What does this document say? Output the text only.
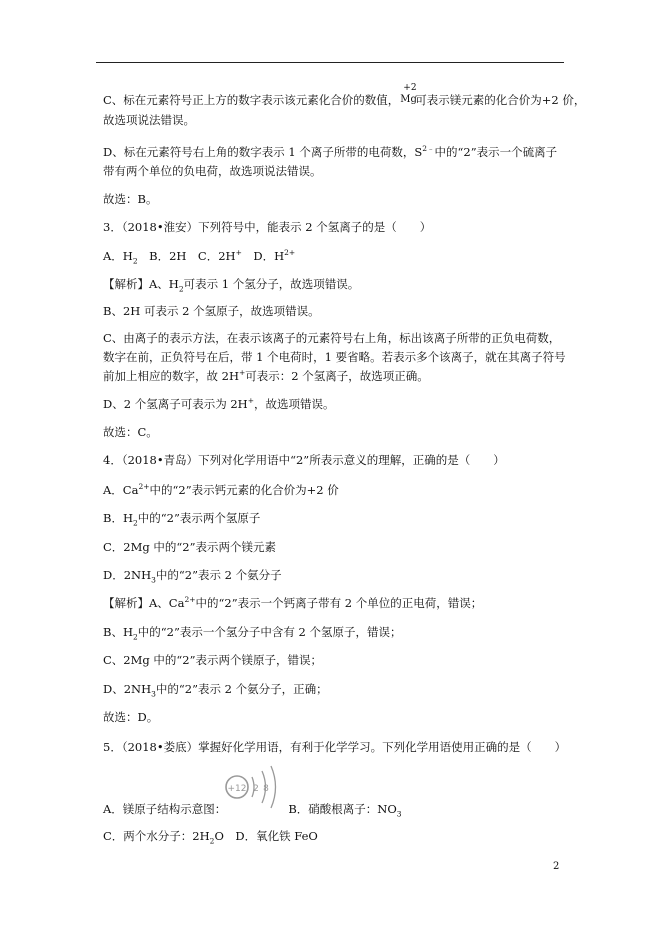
C、标在元素符号正上方的数字表示该元素化合价的数值，
+2
Mg
可表示镁元素的化合价为+2 价，
故选项说法错误。
D、标在元素符号右上角的数字表示 1 个离子所带的电荷数，$S^{2﹣}$中的“2”表示一个硫离子
带有两个单位的负电荷，故选项说法错误。
故选：B。
3．（2018•淮安）下列符号中，能表示 2 个氢离子的是（　　）
A．$H_2$　B．2H　C．2H+　D．$H^{2+}$
【解析】A、$H_2$可表示 1 个氢分子，故选项错误。
B、2H 可表示 2 个氢原子，故选项错误。
C、由离子的表示方法，在表示该离子的元素符号右上角，标出该离子所带的正负电荷数，
数字在前，正负符号在后，带 1 个电荷时，1 要省略。若表示多个该离子，就在其离子符号
前加上相应的数字，故 2H+可表示：2 个氢离子，故选项正确。
D、2 个氢离子可表示为 2H+，故选项错误。
故选：C。
4．（2018•青岛）下列对化学用语中“2”所表示意义的理解，正确的是（　　）
A．$Ca^{2+}$中的“2”表示钙元素的化合价为+2 价
B．$H_2$中的“2”表示两个氢原子
C．2Mg 中的“2”表示两个镁元素
D．$2NH_3$中的“2”表示 2 个氨分子
【解析】A、$Ca^{2+}$中的“2”表示一个钙离子带有 2 个单位的正电荷，错误；
B、$H_2$中的“2”表示一个氢分子中含有 2 个氢原子，错误；
C、2Mg 中的“2”表示两个镁原子，错误；
D、$2NH_3$中的“2”表示 2 个氨分子，正确；
故选：D。
5．（2018•娄底）掌握好化学用语，有利于化学学习。下列化学用语使用正确的是（　　）
+12 2 8
A．镁原子结构示意图：	B．硝酸根离子：$NO_3$
C．两个水分子：$2H_2O$　D．氧化铁 FeO
2
